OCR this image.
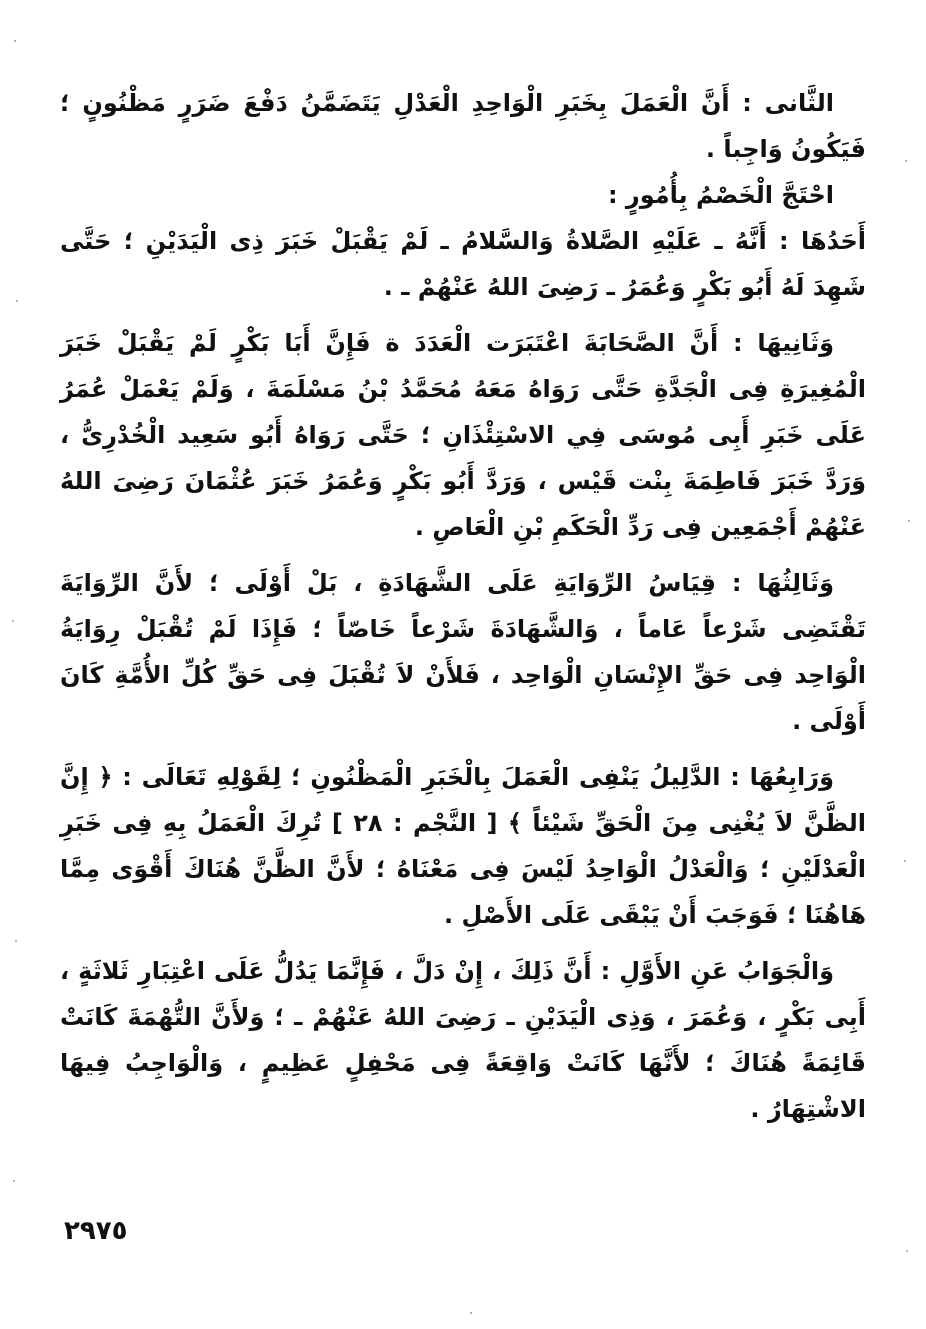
الثَّانى : أَنَّ الْعَمَلَ بِخَبَرِ الْوَاحِدِ الْعَدْلِ يَتَضَمَّنُ دَفْعَ ضَرَرٍ مَظْنُونٍ ؛ فَيَكُونُ وَاجِباً .

احْتَجَّ الْخَصْمُ بِأُمُورٍ :

أَحَدُهَا : أَنَّهُ ـ عَلَيْهِ الصَّلاةُ وَالسَّلامُ ـ لَمْ يَقْبَلْ خَبَرَ ذِى الْيَدَيْنِ ؛ حَتَّى شَهِدَ لَهُ أَبُو بَكْرٍ وَعُمَرُ ـ رَضِىَ اللهُ عَنْهُمْ ـ .

وَثَانِيهَا : أَنَّ الصَّحَابَةَ اعْتَبَرَت الْعَدَدَ ة فَإِنَّ أَبَا بَكْرٍ لَمْ يَقْبَلْ خَبَرَ الْمُغِيرَةِ فِى الْجَدَّةِ حَتَّى رَوَاهُ مَعَهُ مُحَمَّدُ بْنُ مَسْلَمَةَ ، وَلَمْ يَعْمَلْ عُمَرُ عَلَى خَبَرِ أَبِى مُوسَى فِي الاسْتِئْذَانِ ؛ حَتَّى رَوَاهُ أَبُو سَعِيد الْخُدْرِىُّ ، وَرَدَّ خَبَرَ فَاطِمَةَ بِنْت قَيْس ، وَرَدَّ أَبُو بَكْرٍ وَعُمَرُ خَبَرَ عُثْمَانَ رَضِىَ اللهُ عَنْهُمْ أَجْمَعِين فِى رَدِّ الْحَكَمِ بْنِ الْعَاصِ .

وَثَالِثُهَا : قِيَاسُ الرِّوَايَةِ عَلَى الشَّهَادَةِ ، بَلْ أَوْلَى ؛ لأَنَّ الرِّوَايَةَ تَقْتَضِى شَرْعاً عَاماً ، وَالشَّهَادَةَ شَرْعاً خَاصّاً ؛ فَإِذَا لَمْ تُقْبَلْ رِوَايَةُ الْوَاحِد فِى حَقِّ الإِنْسَانِ الْوَاحِد ، فَلأَنْ لاَ تُقْبَلَ فِى حَقِّ كُلِّ الأُمَّةِ كَانَ أَوْلَى .

وَرَابِعُهَا : الدَّلِيلُ يَنْفِى الْعَمَلَ بِالْخَبَرِ الْمَظْنُونِ ؛ لِقَوْلِهِ تَعَالَى : ﴿ إِنَّ الظَّنَّ لاَ يُغْنِى مِنَ الْحَقِّ شَيْئاً ﴾ [ النَّجْم : ٢٨ ] تُرِكَ الْعَمَلُ بِهِ فِى خَبَرِ الْعَدْلَيْنِ ؛ وَالْعَدْلُ الْوَاحِدُ لَيْسَ فِى مَعْنَاهُ ؛ لأَنَّ الظَّنَّ هُنَاكَ أَقْوَى مِمَّا هَاهُنَا ؛ فَوَجَبَ أَنْ يَبْقَى عَلَى الأَصْلِ .

وَالْجَوَابُ عَنِ الأَوَّلِ : أَنَّ ذَلِكَ ، إِنْ دَلَّ ، فَإِنَّمَا يَدُلُّ عَلَى اعْتِبَارِ ثَلاثَةٍ ، أَبِى بَكْرٍ ، وَعُمَرَ ، وَذِى الْيَدَيْنِ ـ رَضِىَ اللهُ عَنْهُمْ ـ ؛ وَلأَنَّ التُّهْمَةَ كَانَتْ قَائِمَةً هُنَاكَ ؛ لأَنَّهَا كَانَتْ وَاقِعَةً فِى مَحْفِلٍ عَظِيمٍ ، وَالْوَاجِبُ فِيهَا الاشْتِهَارُ .

٢٩٧٥
